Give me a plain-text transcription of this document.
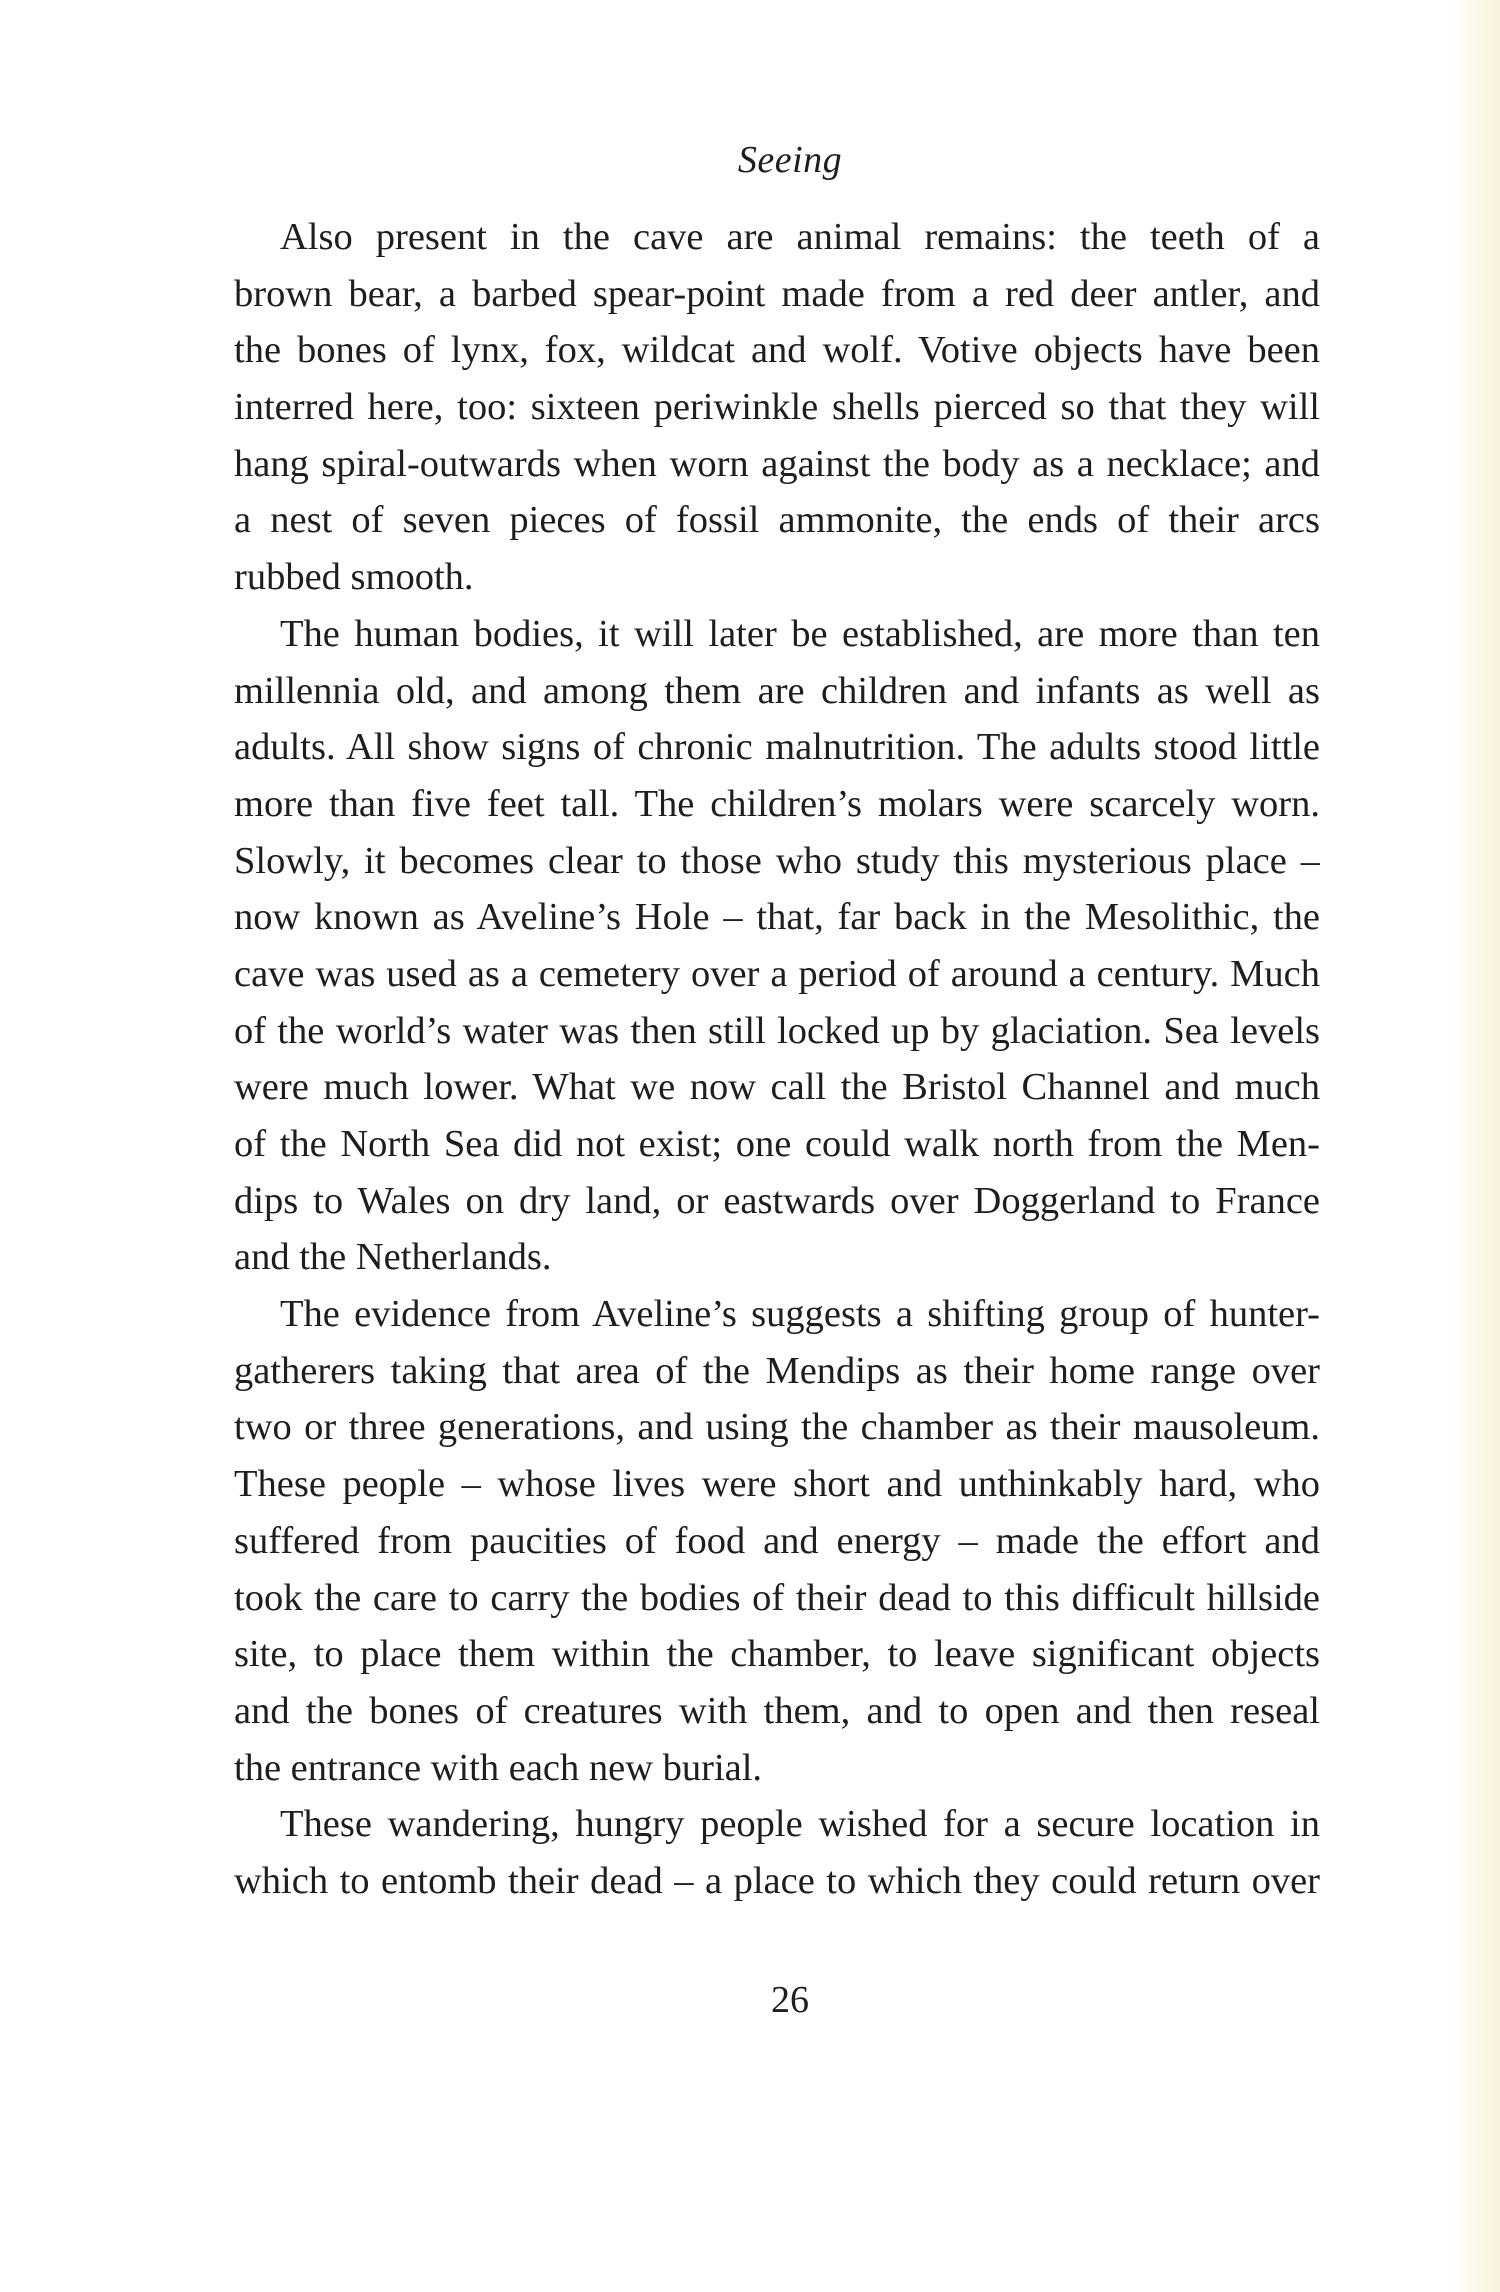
Seeing
Also present in the cave are animal remains: the teeth of a
brown bear, a barbed spear-point made from a red deer antler, and
the bones of lynx, fox, wildcat and wolf. Votive objects have been
interred here, too: sixteen periwinkle shells pierced so that they will
hang spiral-outwards when worn against the body as a necklace; and
a nest of seven pieces of fossil ammonite, the ends of their arcs
rubbed smooth.
The human bodies, it will later be established, are more than ten
millennia old, and among them are children and infants as well as
adults. All show signs of chronic malnutrition. The adults stood little
more than five feet tall. The children’s molars were scarcely worn.
Slowly, it becomes clear to those who study this mysterious place –
now known as Aveline’s Hole – that, far back in the Mesolithic, the
cave was used as a cemetery over a period of around a century. Much
of the world’s water was then still locked up by glaciation. Sea levels
were much lower. What we now call the Bristol Channel and much
of the North Sea did not exist; one could walk north from the Men-
dips to Wales on dry land, or eastwards over Doggerland to France
and the Netherlands.
The evidence from Aveline’s suggests a shifting group of hunter-
gatherers taking that area of the Mendips as their home range over
two or three generations, and using the chamber as their mausoleum.
These people – whose lives were short and unthinkably hard, who
suffered from paucities of food and energy – made the effort and
took the care to carry the bodies of their dead to this difficult hillside
site, to place them within the chamber, to leave significant objects
and the bones of creatures with them, and to open and then reseal
the entrance with each new burial.
These wandering, hungry people wished for a secure location in
which to entomb their dead – a place to which they could return over
26
